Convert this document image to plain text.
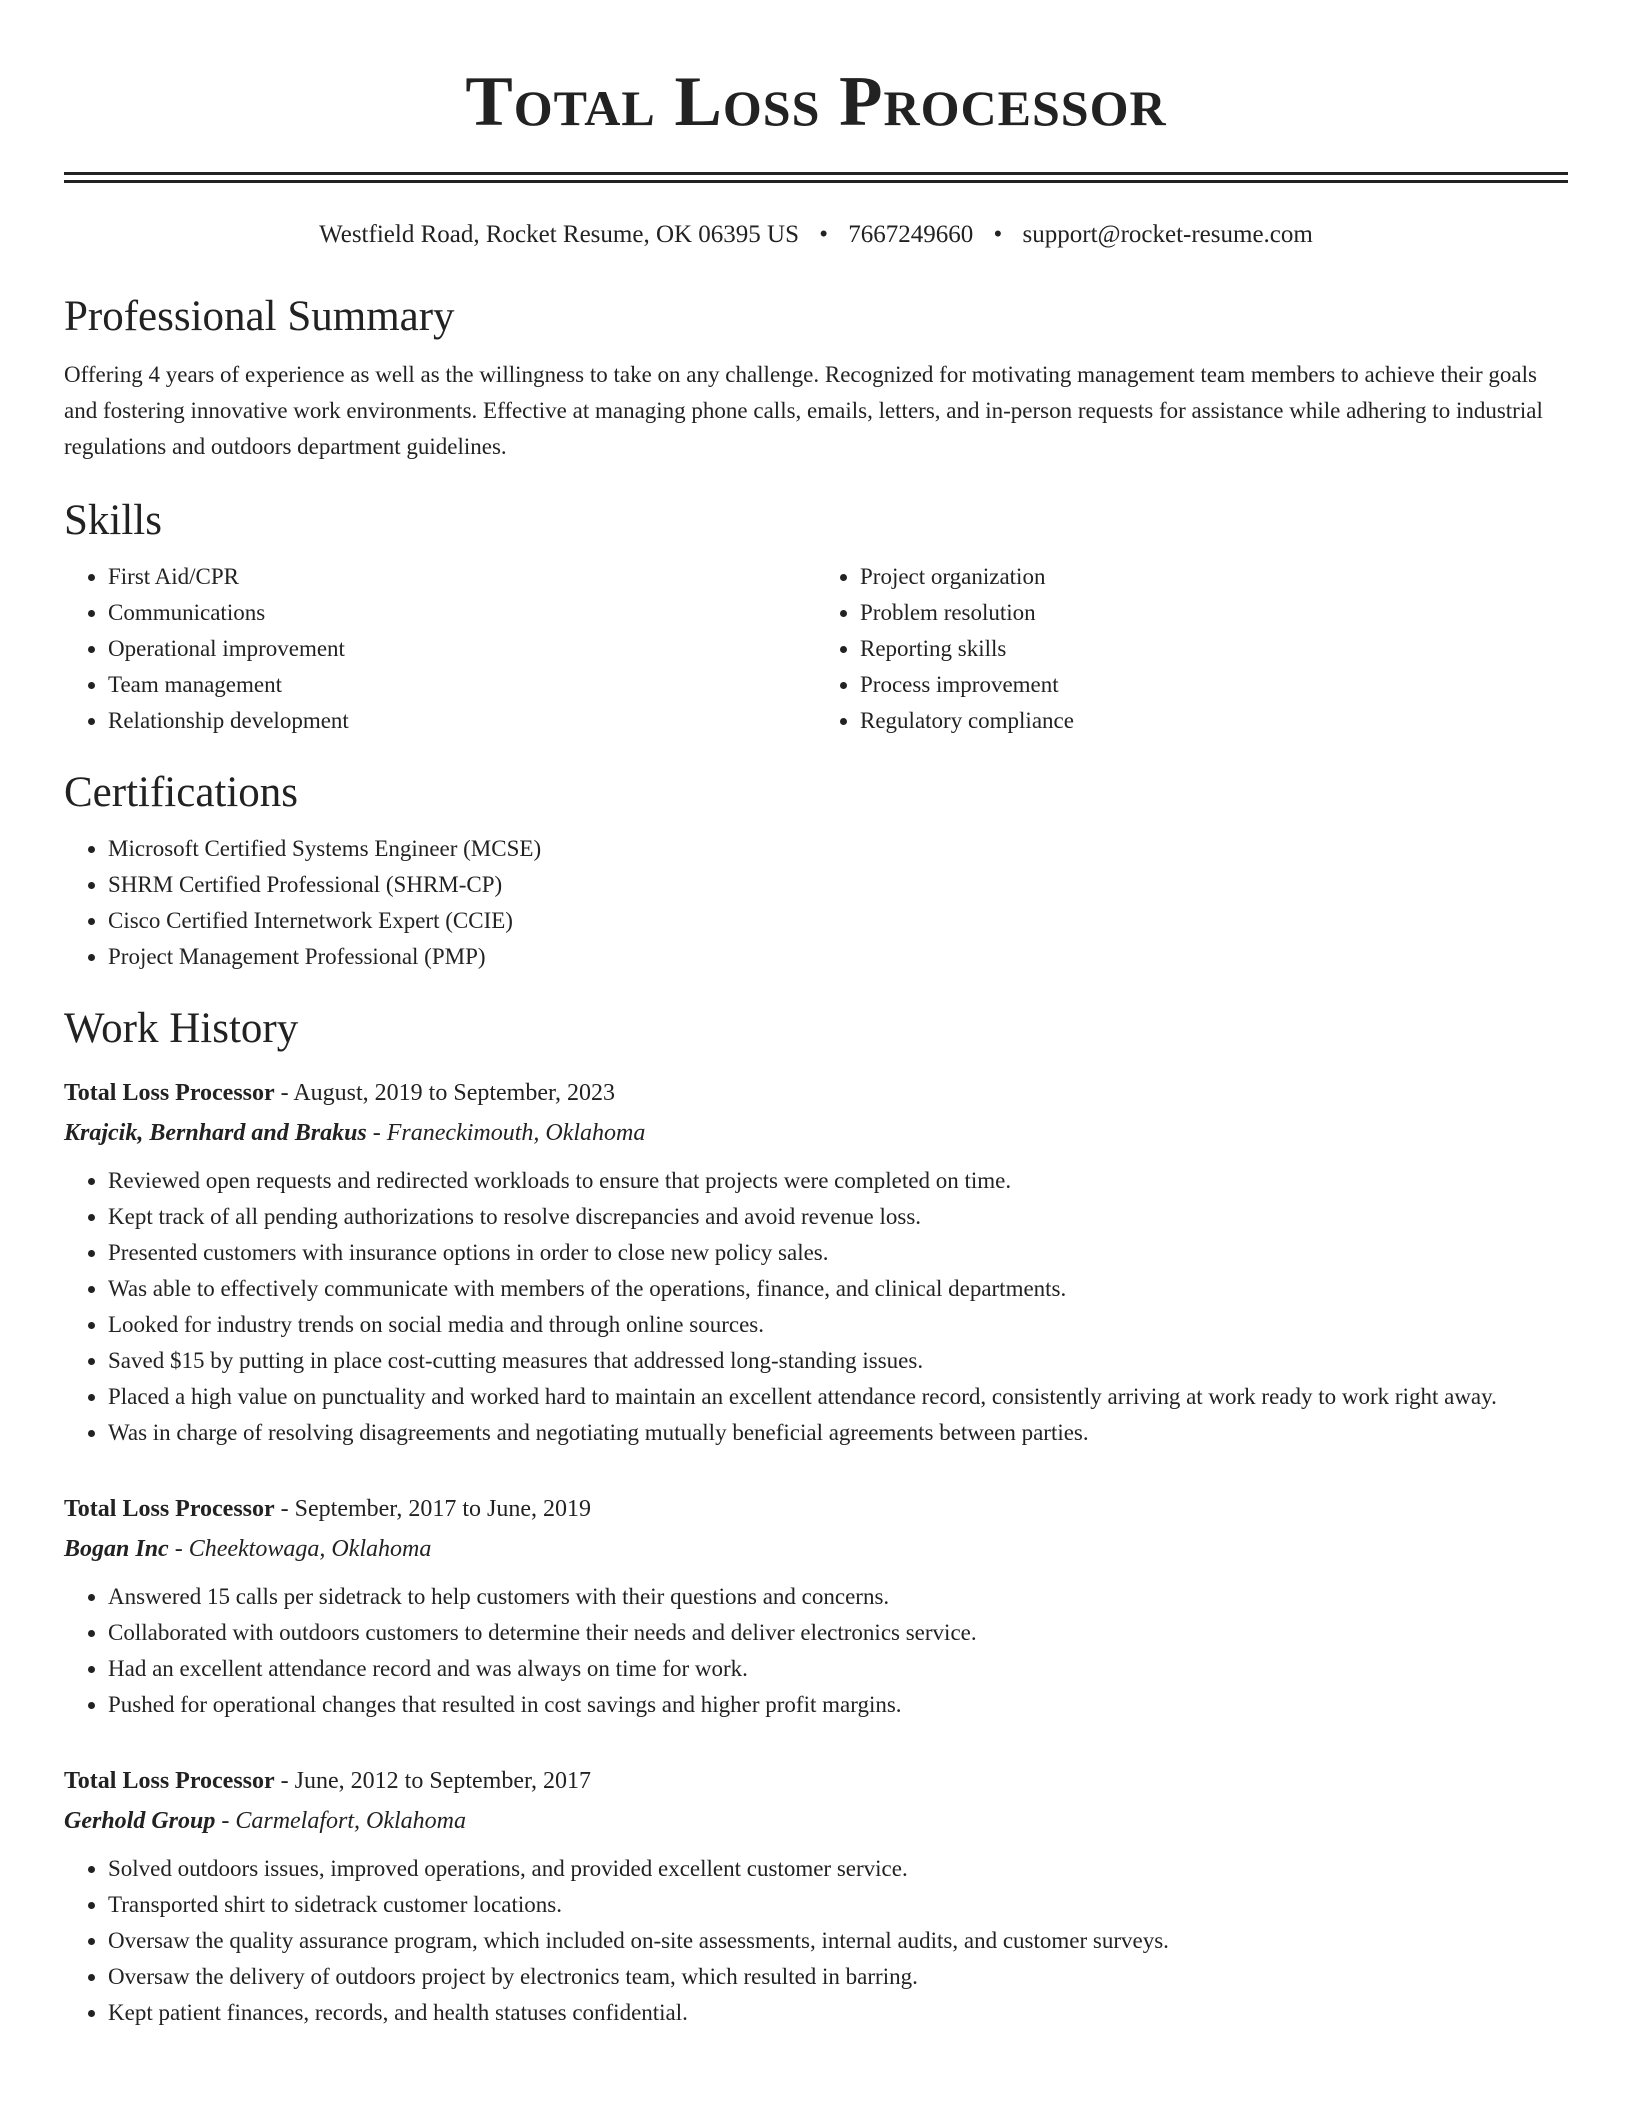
Total Loss Processor
Westfield Road, Rocket Resume, OK 06395 US • 7667249660 • support@rocket-resume.com
Professional Summary
Offering 4 years of experience as well as the willingness to take on any challenge. Recognized for motivating management team members to achieve their goals and fostering innovative work environments. Effective at managing phone calls, emails, letters, and in-person requests for assistance while adhering to industrial regulations and outdoors department guidelines.
Skills
• First Aid/CPR
• Communications
• Operational improvement
• Team management
• Relationship development
• Project organization
• Problem resolution
• Reporting skills
• Process improvement
• Regulatory compliance
Certifications
• Microsoft Certified Systems Engineer (MCSE)
• SHRM Certified Professional (SHRM-CP)
• Cisco Certified Internetwork Expert (CCIE)
• Project Management Professional (PMP)
Work History
Total Loss Processor - August, 2019 to September, 2023
Krajcik, Bernhard and Brakus - Franeckimouth, Oklahoma
• Reviewed open requests and redirected workloads to ensure that projects were completed on time.
• Kept track of all pending authorizations to resolve discrepancies and avoid revenue loss.
• Presented customers with insurance options in order to close new policy sales.
• Was able to effectively communicate with members of the operations, finance, and clinical departments.
• Looked for industry trends on social media and through online sources.
• Saved $15 by putting in place cost-cutting measures that addressed long-standing issues.
• Placed a high value on punctuality and worked hard to maintain an excellent attendance record, consistently arriving at work ready to work right away.
• Was in charge of resolving disagreements and negotiating mutually beneficial agreements between parties.
Total Loss Processor - September, 2017 to June, 2019
Bogan Inc - Cheektowaga, Oklahoma
• Answered 15 calls per sidetrack to help customers with their questions and concerns.
• Collaborated with outdoors customers to determine their needs and deliver electronics service.
• Had an excellent attendance record and was always on time for work.
• Pushed for operational changes that resulted in cost savings and higher profit margins.
Total Loss Processor - June, 2012 to September, 2017
Gerhold Group - Carmelafort, Oklahoma
• Solved outdoors issues, improved operations, and provided excellent customer service.
• Transported shirt to sidetrack customer locations.
• Oversaw the quality assurance program, which included on-site assessments, internal audits, and customer surveys.
• Oversaw the delivery of outdoors project by electronics team, which resulted in barring.
• Kept patient finances, records, and health statuses confidential.
